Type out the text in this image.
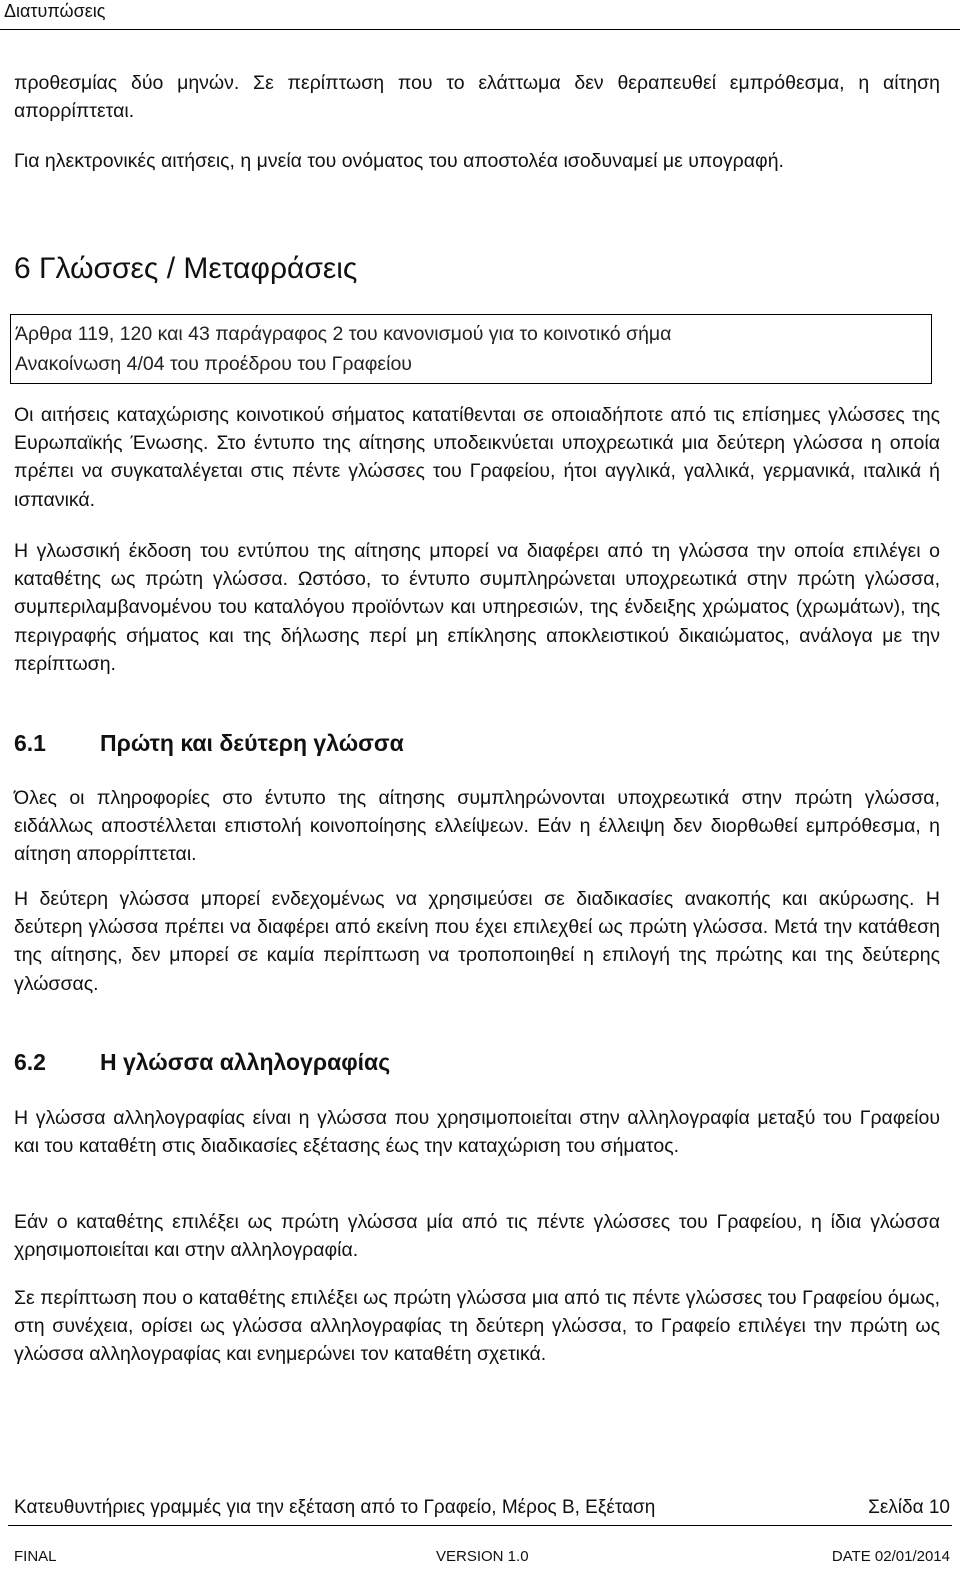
Διατυπώσεις

προθεσμίας δύο μηνών. Σε περίπτωση που το ελάττωμα δεν θεραπευθεί εμπρόθεσμα, η αίτηση απορρίπτεται.

Για ηλεκτρονικές αιτήσεις, η μνεία του ονόματος του αποστολέα ισοδυναμεί με υπογραφή.

6 Γλώσσες / Μεταφράσεις
Άρθρα 119, 120 και 43 παράγραφος 2 του κανονισμού για το κοινοτικό σήμα
Ανακοίνωση 4/04 του προέδρου του Γραφείου

Οι αιτήσεις καταχώρισης κοινοτικού σήματος κατατίθενται σε οποιαδήποτε από τις επίσημες γλώσσες της Ευρωπαϊκής Ένωσης. Στο έντυπο της αίτησης υποδεικνύεται υποχρεωτικά μια δεύτερη γλώσσα η οποία πρέπει να συγκαταλέγεται στις πέντε γλώσσες του Γραφείου, ήτοι αγγλικά, γαλλικά, γερμανικά, ιταλικά ή ισπανικά.

Η γλωσσική έκδοση του εντύπου της αίτησης μπορεί να διαφέρει από τη γλώσσα την οποία επιλέγει ο καταθέτης ως πρώτη γλώσσα. Ωστόσο, το έντυπο συμπληρώνεται υποχρεωτικά στην πρώτη γλώσσα, συμπεριλαμβανομένου του καταλόγου προϊόντων και υπηρεσιών, της ένδειξης χρώματος (χρωμάτων), της περιγραφής σήματος και της δήλωσης περί μη επίκλησης αποκλειστικού δικαιώματος, ανάλογα με την περίπτωση.

6.1 Πρώτη και δεύτερη γλώσσα

Όλες οι πληροφορίες στο έντυπο της αίτησης συμπληρώνονται υποχρεωτικά στην πρώτη γλώσσα, ειδάλλως αποστέλλεται επιστολή κοινοποίησης ελλείψεων. Εάν η έλλειψη δεν διορθωθεί εμπρόθεσμα, η αίτηση απορρίπτεται.

Η δεύτερη γλώσσα μπορεί ενδεχομένως να χρησιμεύσει σε διαδικασίες ανακοπής και ακύρωσης. Η δεύτερη γλώσσα πρέπει να διαφέρει από εκείνη που έχει επιλεχθεί ως πρώτη γλώσσα. Μετά την κατάθεση της αίτησης, δεν μπορεί σε καμία περίπτωση να τροποποιηθεί η επιλογή της πρώτης και της δεύτερης γλώσσας.

6.2 Η γλώσσα αλληλογραφίας

Η γλώσσα αλληλογραφίας είναι η γλώσσα που χρησιμοποιείται στην αλληλογραφία μεταξύ του Γραφείου και του καταθέτη στις διαδικασίες εξέτασης έως την καταχώριση του σήματος.

Εάν ο καταθέτης επιλέξει ως πρώτη γλώσσα μία από τις πέντε γλώσσες του Γραφείου, η ίδια γλώσσα χρησιμοποιείται και στην αλληλογραφία.

Σε περίπτωση που ο καταθέτης επιλέξει ως πρώτη γλώσσα μια από τις πέντε γλώσσες του Γραφείου όμως, στη συνέχεια, ορίσει ως γλώσσα αλληλογραφίας τη δεύτερη γλώσσα, το Γραφείο επιλέγει την πρώτη ως γλώσσα αλληλογραφίας και ενημερώνει τον καταθέτη σχετικά.

Κατευθυντήριες γραμμές για την εξέταση από το Γραφείο, Μέρος Β, Εξέταση	Σελίδα 10
FINAL	VERSION 1.0	DATE 02/01/2014
